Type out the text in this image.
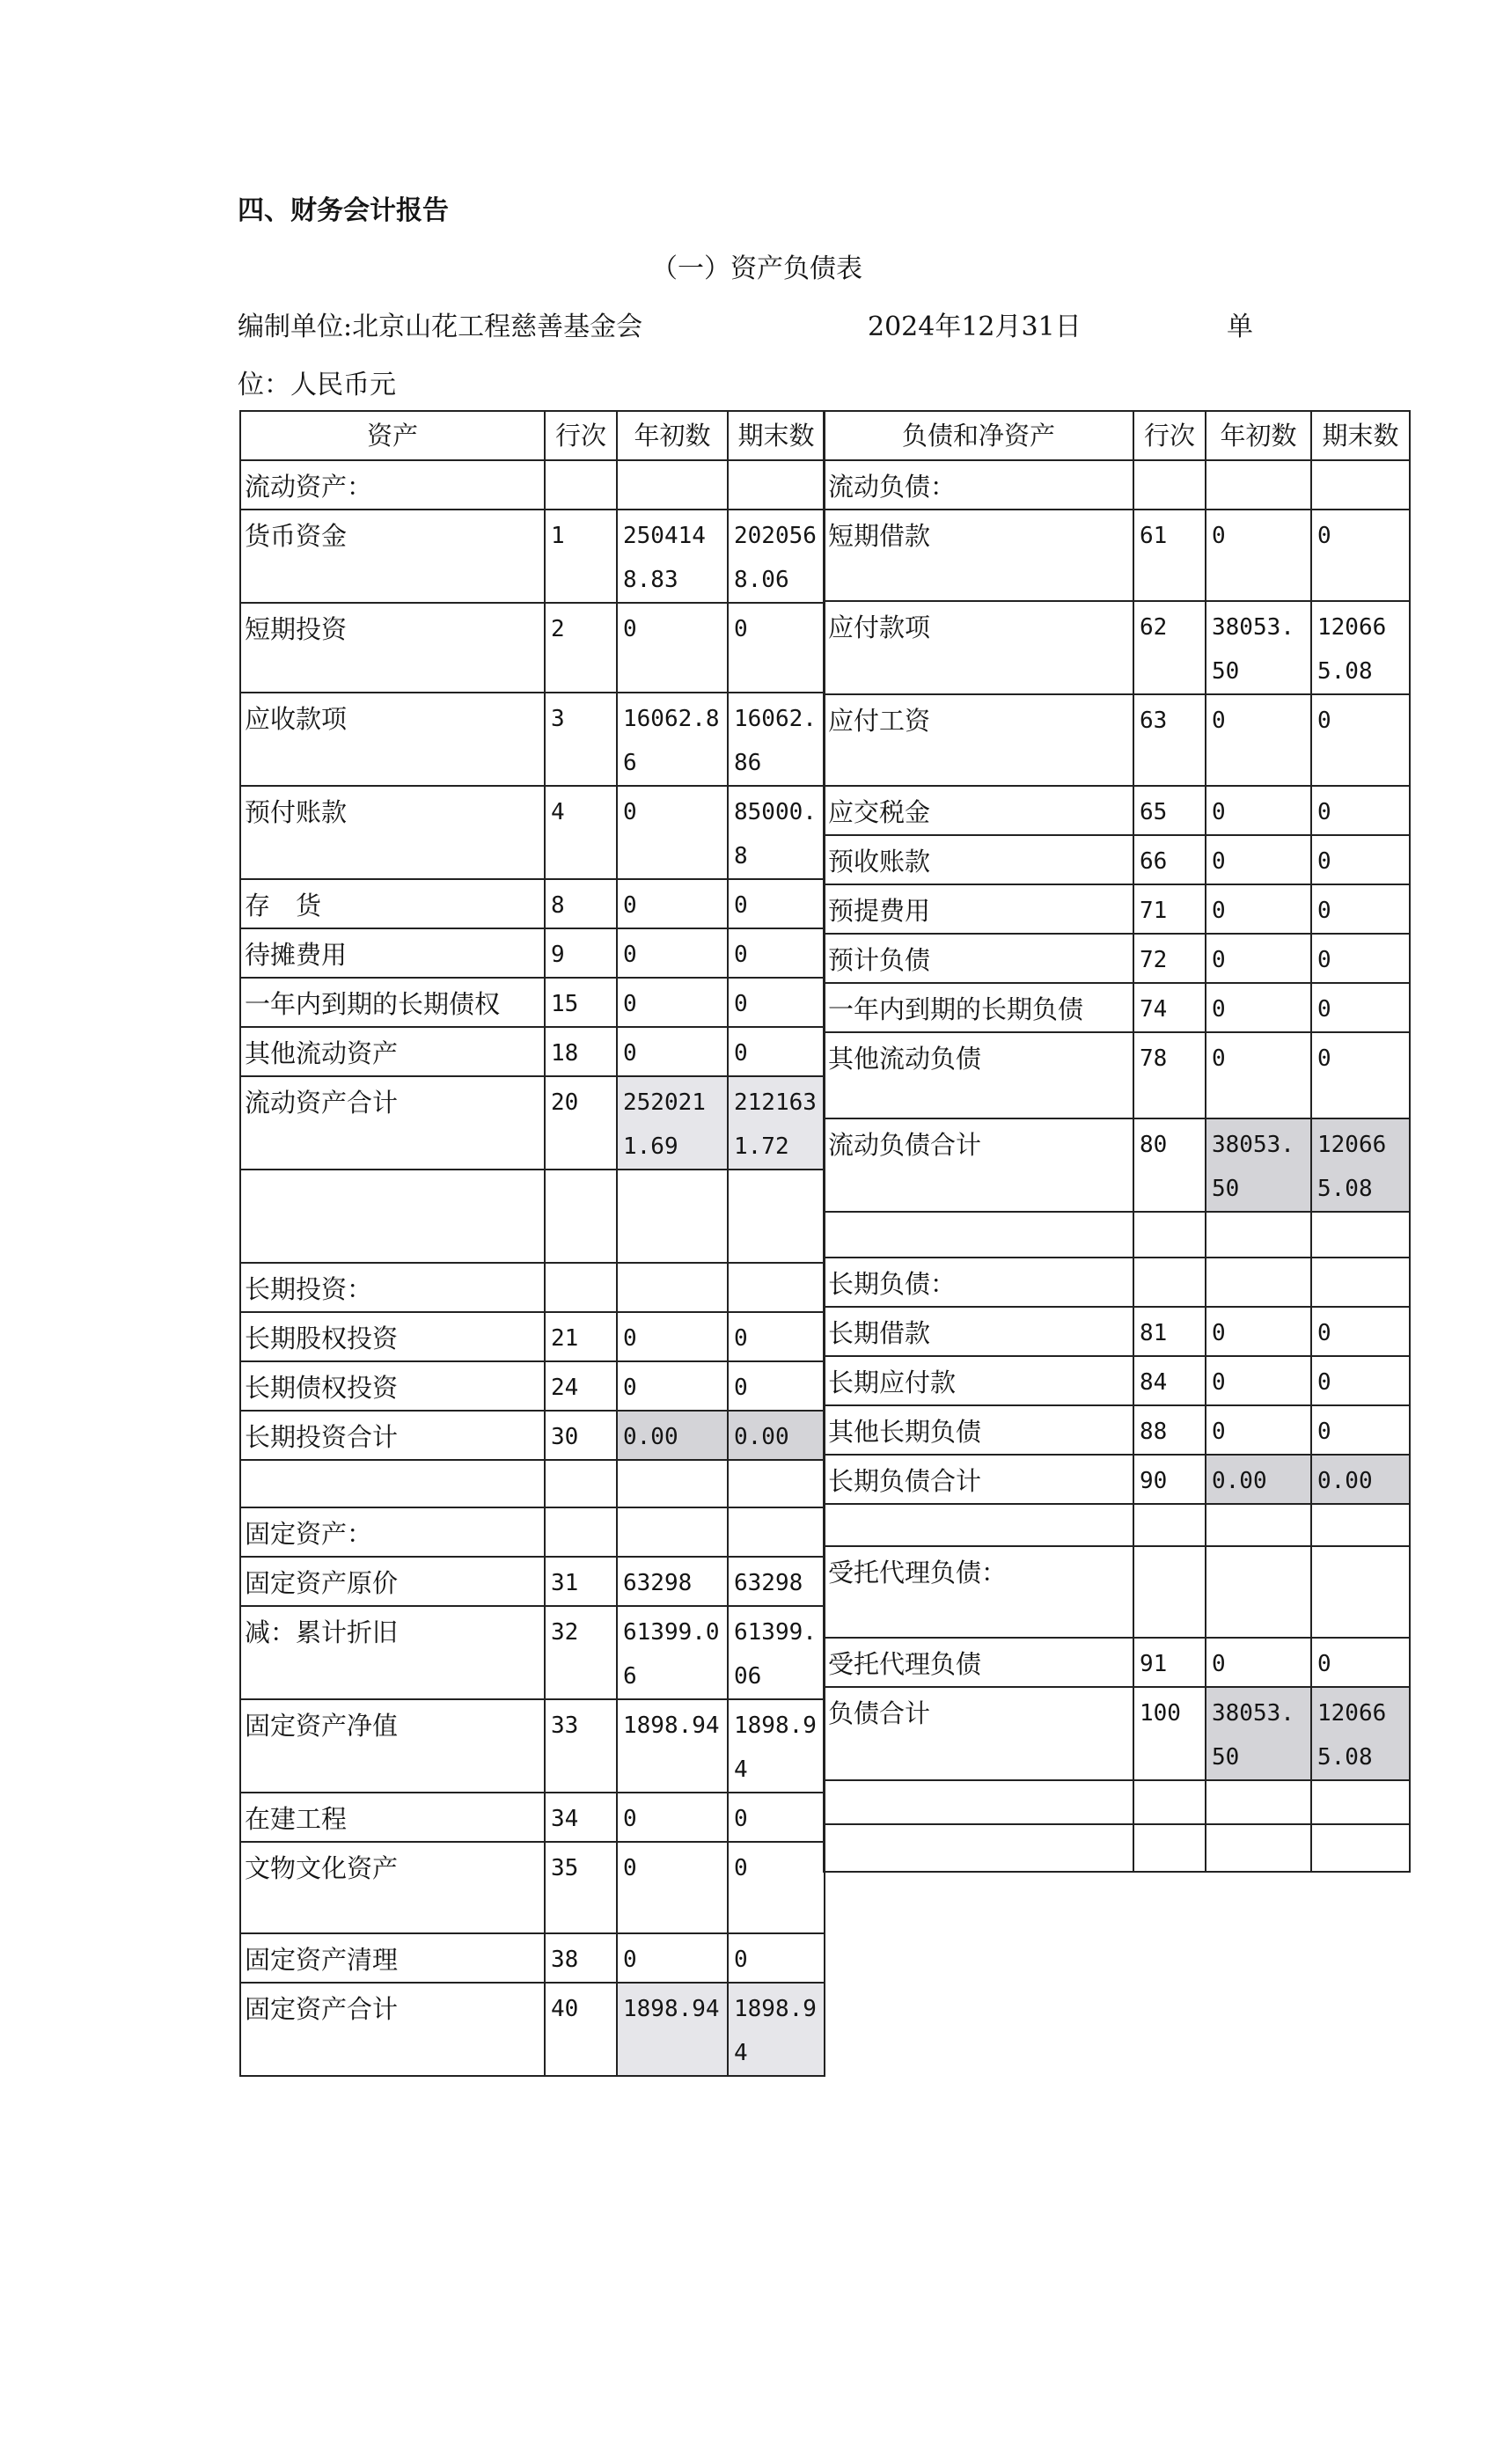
四、财务会计报告
（一）资产负债表
编制单位:北京山花工程慈善基金会	2024年12月31日	单
位：人民币元
资产	行次	年初数	期末数
流动资产：			
货币资金	1	2504148.83	2020568.06
短期投资	2	0	0
应收款项	3	16062.86	16062.86
预付账款	4	0	85000.8
存　货	8	0	0
待摊费用	9	0	0
一年内到期的长期债权	15	0	0
其他流动资产	18	0	0
流动资产合计	20	2520211.69	2121631.72

长期投资：			
长期股权投资	21	0	0
长期债权投资	24	0	0
长期投资合计	30	0.00	0.00

固定资产：			
固定资产原价	31	63298	63298
减：累计折旧	32	61399.06	61399.06
固定资产净值	33	1898.94	1898.94
在建工程	34	0	0
文物文化资产	35	0	0
固定资产清理	38	0	0
固定资产合计	40	1898.94	1898.94
负债和净资产	行次	年初数	期末数
流动负债：			
短期借款	61	0	0
应付款项	62	38053.50	120665.08
应付工资	63	0	0
应交税金	65	0	0
预收账款	66	0	0
预提费用	71	0	0
预计负债	72	0	0
一年内到期的长期负债	74	0	0
其他流动负债	78	0	0
流动负债合计	80	38053.50	120665.08

长期负债：			
长期借款	81	0	0
长期应付款	84	0	0
其他长期负债	88	0	0
长期负债合计	90	0.00	0.00

受托代理负债：			
受托代理负债	91	0	0
负债合计	100	38053.50	120665.08
